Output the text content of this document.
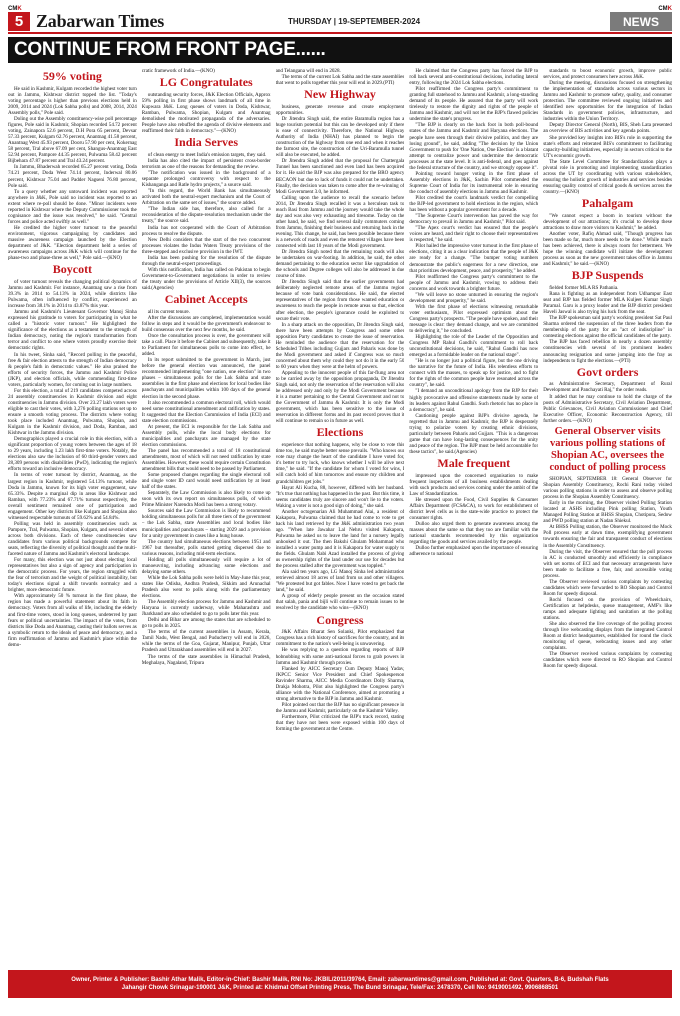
CMK	CMK
5 Zabarwan Times	THURSDAY | 19-SEPTEMBER-2024	NEWS
CONTINUE FROM FRONT PAGE......
59% voting

He said in Kashmir, Kulgam recorded the highest voter turn out in Jammu, Kishtwar district topped the list. "Today's voting percentage is higher than previous elections held in 2009, 2014 and 2024 (Lok Sabha polls) and 2008, 2014, 2024 Assembly polls," Pole said.

Doling out the Assembly constituency-wise poll percentage figures, Pole said in Kashmir, Shopian recorded 54.72 percent voting, Zainapora 52.6 percent, D.H Pora 65 percent, Devsar 57.33 percent, Kulgam 62.76 percent, Anantnag 41.58 percent, Anantnag West 45.93 percent, Dooru 57.90 per cent, Kokernag 58 percent, Tral above 67.09 per cent, Shangus-Anantnag East 52.94 percent, Pampore 44.35 percent, Pulwama 58.42 percent Bijbehara 47.87 percent and Tral 43.24 percent.

In Jammu, Bhaderwah recorded 65.27 percent voting, Doda 74.21 percent, Doda West 74.14 percent, Inderwal 80.06 percent, Kishtwar 75.04 and Padder Nagseni 76.80 percent, Pole said.

To a query whether any untoward incident was reported anywhere in J&K, Pole said no incident was reported to an extent where re-poll should be done. "Minor incidents were reported in Kishtwar where the Deputy Commissioner took the cognisance and the issue was resolved," he said. "Central forces and police acted swiftly as well."

He credited the higher voter turnout to the peaceful environment, vigorous campaigning by candidates and massive awareness campaign launched by the Election department of J&K. "Election department held a series of awareness campaigns across J&K which will continue for the phase-two and phase-three as well," Pole said.—(KNO)

Boycott

of voter turnout reveals the changing political dynamics of Jammu and Kashmir. For instance, Anantnag saw a rise from 39.3% in 2014 to 54.13% in 2024, while districts like Pulwama, often influenced by conflict, experienced an increase from 38.1% in 2014 to 43.87% this year.

Jammu and Kashmir's Lieutenant Governor Manoj Sinha expressed his gratitude to voters for participating in what he called a "historic voter turnout." He highlighted the significance of the elections as a testament to the strength of Indian democracy, noting the region's transformation from terror and conflict to one where voters proudly exercise their democratic rights.

In his tweet, Sinha said, "Record polling in the peaceful, free & fair election attests to the strength of Indian democracy & people's faith in democratic values." He also praised the efforts of security forces, the Jammu and Kashmir Police (JKP), and election officials, while commending first-time voters, particularly women, for coming out in large numbers.

For this election, a total of 219 candidates competed across 24 assembly constituencies in Kashmir division and eight constituencies in Jammu division. Over 23.27 lakh voters were eligible to cast their votes, with 3,276 polling stations set up to ensure a smooth voting process. The districts where voting took place included Anantnag, Pulwama, Shopian, and Kulgam in the Kashmir division, and Doda, Ramban, and Kishtwar in the Jammu division.

Demographics played a crucial role in this election, with a significant proportion of young voters between the ages of 18 to 29 years, including 1.23 lakh first-time voters. Notably, the elections also saw the inclusion of 60 third-gender voters and 28,309 persons with disabilities (PwD), indicating the region's efforts toward an inclusive democracy.

In terms of voter turnout by district, Anantnag, as the largest region in Kashmir, registered 54.13% turnout, while Doda in Jammu, known for its high voter engagement, saw 65.33%. Despite a marginal dip in areas like Kishtwar and Ramban, with 77.23% and 67.71% turnout respectively, the overall sentiment remained one of participation and engagement. Other key districts like Kulgam and Shopian also witnessed respectable turnouts of 59.62% and 54.84%.

Polling was held in assembly constituencies such as Pampore, Tral, Pulwama, Shopian, Kulgam, and several others across both divisions. Each of these constituencies saw candidates from various political backgrounds compete for seats, reflecting the diversity of political thought and the multi-faceted nature of Jammu and Kashmir's electoral landscape.

For many, this election was not just about electing local representatives but also a sign of agency and participation in the democratic process. For years, the region struggled with the fear of terrorism and the weight of political instability, but today's elections signal a shift towards normalcy and a brighter, more democratic future.

With approximately 50 % turnout in the first phase, the region has made a powerful statement about its faith in democracy. Voters from all walks of life, including the elderly and first-time voters, stood in long queues, undeterred by past fears or political uncertainties. The impact of the votes, from districts like Doda and Anantnag, casting their ballots serves as a symbolic return to the ideals of peace and democracy, and a firm reaffirmation of Jammu and Kashmir's place within the demo-

cratic framework of India.—(KNO)

LG Congratulates

outstanding security forces, J&K Election Officials, Approx 59% polling in first phase shows landmark of all time in Kupwara J&K. Long queues of voters in Doda, Kishtwar, Ramban, Pulwama, Shopian, Kulgam and Anantnag demolished the motivated propaganda of the adversaries. People have also rebuffed the agenda of divisive elements and reaffirmed their faith in democracy."—(KNO)

India Serves

of clean energy to meet India's emission targets, they said.

India has also cited the impact of persistent cross-border terrorism as one of the reasons for demanding the review.

"The notification was issued in the background of a separate prolonged controversy with respect to the Kishanganga and Ratle hydro projects," a source said.

"In this regard, the World Bank has simultaneously activated both the neutral-expert mechanism and the Court of Arbitration on the same set of issues," the source added.

"The Indian side has, therefore, also called for a reconsideration of the dispute-resolution mechanism under the treaty," the source said.

India has not cooperated with the Court of Arbitration process to resolve the dispute.

New Delhi considers that the start of the two concurrent processes violates the Indus Waters Treaty provisions of the three-stepped and exclusive provision in the IWT.

India has been pushing for the resolution of the dispute through the neutral-expert proceedings.

With this notification, India has called on Pakistan to begin Government-to-Government negotiations in order to review the treaty under the provisions of Article XII(3), the sources said.(Agencies)

Cabinet Accepts

all its current tenure.

After the discussions are completed, implementation would follow in steps and it would be the government's endeavour to build consensus over the next few months, he said.

Once the consultation process is over, the government will take a call. Place it before the Cabinet and subsequently, take it to Parliament for simultaneous polls to come into effect, he added.

In its report submitted to the government in March, just before the general election was announced, the panel recommended implementing "one nation, one election" in two phases – simultaneous polls for the Lok Sabha and state assemblies in the first phase and elections for local bodies like panchayats and municipalities within 100 days of the general election in the second phase.

It also recommended a common electoral roll, which would need some constitutional amendment and ratification by states. It suggested that the Election Commission of India (ECI) and state election commissions.

At present, the ECI is responsible for the Lok Sabha and Assembly polls, while the local body elections for municipalities and panchayats are managed by the state election commissions.

The panel has recommended a total of 18 constitutional amendments, most of which will not need ratification by state Assemblies. However, these would require certain Constitution amendment bills that would need to be passed by Parliament.

Some proposed changes regarding the single electoral roll and single voter ID card would need ratification by at least half of the states.

Separately, the Law Commission is also likely to come up soon with its own report on simultaneous polls, of which Prime Minister Narendra Modi has been a strong votary.

Sources said the Law Commission is likely to recommend holding simultaneous polls for all three tiers of the government – the Lok Sabha, state Assemblies and local bodies like municipalities and panchayats – starting 2029 and a provision for a unity government in cases like a hung house.

The country had simultaneous elections between 1951 and 1967 but thereafter, polls started getting dispersed due to various reasons, including mid-term elections.

Holding all polls simultaneously will require a lot of manoeuvring, including advancing some elections and delaying some others.

While the Lok Sabha polls were held in May-June this year, states like Odisha, Andhra Pradesh, Sikkim and Arunachal Pradesh also went to polls along with the parliamentary elections.

The Assembly election process for Jammu and Kashmir and Haryana is currently underway, while Maharashtra and Jharkhand are also scheduled to go to polls later this year.

Delhi and Bihar are among the states that are scheduled to go to polls in 2025.

The terms of the current assemblies in Assam, Kerala, Tamil Nadu, West Bengal, and Puducherry will end in 2026, while the terms of the Goa, Gujarat, Manipur, Punjab, Uttar Pradesh and Uttarakhand assemblies will end in 2027.

The terms of the state assemblies in Himachal Pradesh, Meghalaya, Nagaland, Tripura

and Telangana will end in 2028.

The terms of the current Lok Sabha and the state assemblies that went to polls together this year will end in 2029.(PTI)

New Highway

business, generate revenue and create employment opportunities.

Dr Jitendra Singh said, the entire Baramulla region has a huge tourism potential but this can be developed only if there is ease of connectivity. Therefore, the National Highway Authority of India (NHAI) has planned to begin the construction of the highway from one end and when it reaches the farmost site, the construction of the Uri-Baramulla tunnel will also be executed, he added.

Dr Jitendra Singh added that the proposal for Chattergala Tunnel has been sanctioned and even land has been acquired for it. He said the BJP was also prepared for the BRO agency BECAON but due to lack of funds it could not be undertaken. Finally, the decision was taken to come after the re-winning of Modi Government 3.0, he informed.

Calling upon the audience to recall the scenario before 2014, Dr Jitendra Singh recalled it was a herculean task to reach Basi from Jammu and the journey would take the whole day and was also very exhausting and tiresome. Today on the other hand, he said, we find several daily commuters coming from Jammu, finishing their business and returning back in the evening. This change, he said, has been possible because there is a network of roads and even the remotest villages have been connected with last 10 years of the Modi government.

Dr Jitendra Singh noted that the remaining roads will also be undertaken on war-footing. In addition, he said, the other demand pertaining to the education sector like upgradation of the schools and Degree colleges will also be addressed in due course of time.

Dr Jitendra Singh said that the earlier governments had deliberately neglected remote areas of the Jammu region because of vote bank considerations. He said, the elected representatives of the region from those wanted education or awareness to reach the people in remote areas so that, election after election, the people's ignorance could be exploited to secure their vote.

In a sharp attack on the opposition, Dr Jitendra Singh said, there have been attempts by Congress and some other opposition Party candidates to create the issue of reservation. He reminded the audience that the reservation for the Scheduled Tribes including Gujjars and Paharis was done by the Modi government and asked if Congress was so much concerned about them why could they not do it in the early 50 to 60 years when they were at the helm of powers.

Appealing to the innocent people of this far-flung area not to be carried away by the opposition propaganda, Dr Jitendra Singh said, not only the reservation of the reservation will also be addressed only and only by the Modi Government because it is a matter pertaining to the Central Government and not to the Government of Jammu & Kashmir. It is only the Modi government, which has been sensitive to the issue of reservation in different forms and its past record proves that it will continue to remain so in future as well.

Elections

experience that nothing happens, why be close to vote this time too, he said maybe better sense prevails. "Who knows our vote may change the heart of the candidate I have voted for, it's better to try luck, who knows whether I will be alive next time," he said. "If the candidate for whom I voted for wins, I will catch hold of him tomorrow and ensure my children and grandchildren get jobs."

Hayat Ali Kucha, 88, however, differed with her husband. "It's true that nothing has happened in the past. But this time, it seems candidates truly are sincere and won't lie to the voters. Waking a voter is not a good sign of doing," she said.

Another octogenarian Ali Muhammad Alai, a resident of Kakapora, Pulwama claimed that he had come to vote to get back his land retrieved by the J&K administration two years ago. "When late Jawahar Lal Nehru visited Kakapora, Pulwama he asked us to leave the land for a nursery legally unhooked it out. The then Bakshi Ghulam Mohammad who installed a water pump and it is Kakapora for water supply to the fields. Ghulam Nabi Azad installed the process of giving us ownership rights of the land under our use for decades but the process stalled after the government was toppled."

Ala said ten years ago, LG Manoj Sinha led administration retrieved almost 18 acres of land from us and other villagers. "We protested but got fables. Now I have voted to get back the land," he said.

A group of elderly people present on the occasion stated that salah, pania and bijli will continue to remain issues to be resolved by the candidate who wins—(KNO)

Congress

J&K Affairs Bharat Sen Solanki, Pilot emphasized that Congress has a rich history of sacrifices for the country, and its commitment to the nation's well-being is unwavering.

He was replying to a question regarding reports of BJP hobnobbing with some anti-national forces to grab powers in Jammu and Kashmir through proxies.

Flanked by AICC Secretary Cum Deputy Manoj Yadav, JKPCC Senior Vice President and Chief Spokesperson Ravinder Sharma, AICC Media Coordinators Dolly Sharma, Drakja Mohotra, Pilot also highlighted the Congress party's alliance with the National Conference, aimed at promoting a strong alternative to the BJP in Jammu and Kashmir.

Pilot pointed out that the BJP has no significant presence in the Jammu and Kashmir, particularly on the Kashmir Valley.

Furthermore, Pilot criticized the BJP's track record, stating that they have not been were exposed within 100 days of forming the government at the Centre.

He claimed that the Congress party has forced the BJP to roll back several anti-constitutional decisions, including lateral entry, following the 2024 Lok Sabha elections.

Pilot reaffirmed the Congress party's commitment to granting full statehood to Jammu and Kashmir, a long-standing demand of its people. He assured that the party will work tirelessly to restore the dignity and rights of the people of Jammu and Kashmir, and will not let the BJP's flawed policies undermine the state's progress.

"The BJP is clearly on the back foot in both poll-bound states of the Jammu and Kashmir and Haryana elections. The people have seen through their divisive politics, and they are losing ground", he said, adding "The decision by the Union Government to push for 'One Nation, One Election' is a blatant attempt to centralize power and undermine the democratic processes at the state level. It is anti-federal, and goes against the federal structure of the country, and we strongly oppose it".

Pointing toward hunger voting in the first phase of Assembly elections in J&K, Sachin Pilot commended the Supreme Court of India for its instrumental role in ensuring the conduct of assembly elections in Jammu and Kashmir.

Pilot credited the court's landmark verdict for compelling the BJP-led government to hold elections in the region, which has been without a popular government for a decade.

"The Supreme Court's intervention has paved the way for democracy to prevail in Jammu and Kashmir," Pilot said.

"The Apex court's verdict has ensured that the people's voices are heard, and their right to choose their representatives is respected," he said.

Pilot hailed the impressive voter turnout in the first phase of elections, citing it as a clear indication that the people of J&K are ready for a change. "The bumper voting numbers demonstrate the public's eagerness for a new direction, one that prioritizes development, peace, and prosperity," he added.

Pilot reaffirmed the Congress party's commitment to the people of Jammu and Kashmir, vowing to address their concerns and work towards a brighter future.

"We will leave no stone unturned in ensuring the region's development and prosperity," he said.

With the first phase of elections witnessing remarkable voter enthusiasm, Pilot expressed optimism about the Congress party's prospects. "The people have spoken, and their message is clear: they demand change, and we are committed to delivering it," he concluded.

Highlighting the role of the Leader of the Opposition and Congress MP Rahul Gandhi's commitment to roll back unconstitutional decisions, he said, "Rahul Gandhi has now emerged as a formidable leader on the national stage".

"He is no longer just a political figure, but the one driving the narrative for the future of India. His relentless efforts to connect with the masses, to speak up for justice, and to fight for the rights of the common people have resonated across the country", he said.

"I demand an unconditional apology from the BJP for their highly provocative and offensive statements made by some of its leaders against Rahul Gandhi. Such rhetoric has no place in a democracy", he said.

Cautioning people against BJP's divisive agenda, he regretted that in Jammu and Kashmir, the BJP is desperately trying to polarize voters by creating ethnic divisions, particularly between Paharis and Gujjars. "This is a dangerous game that can have long-lasting consequences for the unity and peace of the region. The BJP must be held accountable for these tactics", he said.(Agencies)

Male frequent

impressed upon the concerned organisation to make frequent inspections of all business establishments dealing with such products and services coming under the ambit of the Law of Standardization.

He stressed upon the Food, Civil Supplies & Consumer Affairs Department (FCS&CA), to work for establishment of district level cells as is the state-wide practice to protect the consumer rights.

Dulloo also urged them to generate awareness among the masses about the same so that they too are familiar with the national standards recommended by this organization regarding the goods and services availed by the people.

Dulloo further emphasized upon the importance of ensuring adherence to national

standards to boost economic growth, improve public services, and protect consumers here across J&K.

During the meeting, discussions focused on strengthening the implementation of standards across various sectors in Jammu and Kashmir to promote safety, quality, and consumer protection. The committee reviewed ongoing initiatives and identified new opportunities for the integration of Indian Standards in government policies, infrastructure, and industries within the Union Territory.

Deputy Director General (North), BIS, Sheh Lata presented an overview of BIS activities and key agenda points.

She provided key insights into BIS's role in supporting the state's efforts and reiterated BIS's commitment to facilitating capacity-building initiatives, especially in sectors critical to the UT's economic growth.

The State Level Committee for Standardization plays a pivotal role in promoting and implementing standardization across the UT by coordinating with various stakeholders, ensuring the holistic growth of industries and services besides ensuring quality control of critical goods & services across the country.—(KNO)

Pahalgam

"We cannot expect a boom in tourism without the development of our attractions; it's crucial to develop these attractions to draw more visitors to Kashmir," he added.

Another voter, Rafiq Ahmad said, "Though progress has been made so far, much more needs to be done." While much has been achieved, there is always room for betterment. We hope the winning candidate will initiate the development process as soon as the new government takes office in Jammu and Kashmir," he said.—(KNO)

BJP Suspends

fielded former MLA RS Pathania.

Rana is fighting as an independent from Udhampur East seat and BJP has fielded former MLA Kuljeet Kumar Singh Paramal. Garu is a proxy leader and the BJP district president Haveli Jaswal is also trying his luck from the seat.

The BJP spokesman said party's working president Sat Paul Sharma ordered the suspension of the three leaders from the membership of the party for an "act of indiscipline" in contesting elections against the official candidates of the party.

The BJP has faced rebellion in nearly a dozen assembly constituencies with several of its prominent leaders announcing resignation and some jumping into the fray as independents to fight the elections.—(PTI)

Govt orders

as Administrative Secretary, Department of Rural Development and Panchayati Raj," the order reads.

It added that he may continue to hold the charge of the posts of Administrative Secretary, Civil Aviation Department, Public Grievances, Civil Aviation Commissioner and Chief Executive Officer, Economic Reconstruction Agency, till further orders.—(KNO)

General Observer visits various polling stations of Shopian AC, oversees the conduct of polling process

SHOPIAN, SEPTEMBER 18: General Observer for Shopian Assembly Constituency, Rochi Rani today visited various polling stations in order to assess and observe polling process in the Shopian Assembly Constituency.

Early in the morning, the Observer visited Polling Station located at ASHS including Pink polling Station, Youth Managed Polling Station at BHSS Shopian, Chotipora, Sedow and PWD polling station at Nadan Shiekul.

At BHSS Polling station, the Observer monitored the Mock Poll process early at dawn time, exemplifying government towards ensuring the fair and transparent conduct of elections in the Assembly Constituency.

During the visit, the Observer ensured that the poll process in AC is conducted smoothly and efficiently in compliance with set norms of ECI and that necessary arrangements have been made to facilitate a free, fair, and accessible voting process.

The Observer reviewed various complaints by contesting candidates which were forwarded to RO Shopian and Control Room for speedy disposal.

Rochi focused on the provision of Wheelchairs, Certification at helpdesks, queue management, AMF's like ramps and adequate lighting and sanitation at the polling stations.

She also observed the live coverage of the polling process through live webcasting displays from the integrated Control Room at district headquarters, established for round the clock monitoring of queue, webcasting issues and any other complaints.

The Observer received various complaints by contesting candidates which were directed to RO Shopian and Control Room for speedy disposal.

Owner, Printer & Publisher: Bashir Athar Malik, Editor-in-Chief: Bashir Malik, RNI No: JKBIL/2011/39764, Email: zabarwantimes@gmail.com, Published at: Govt. Quarters, B-6, Budshah Flats
Jahangir Chowk Srinagar-190001 J&K, Printed at: Khidmat Offset Printing Press, The Bund Srinagar, Tele/Fax: 2478370, Cell No: 9419001492, 9906868501
